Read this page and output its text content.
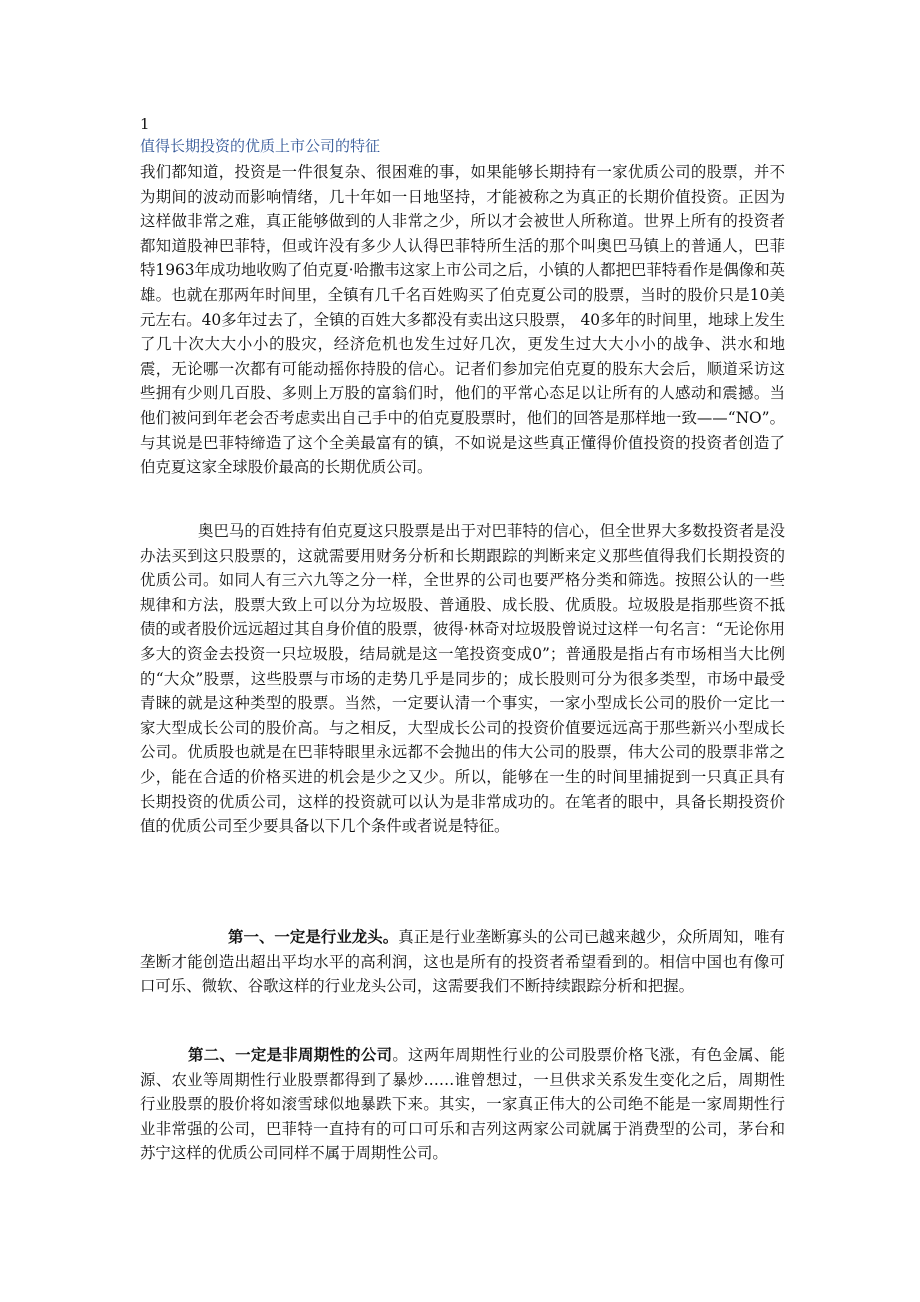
1
值得长期投资的优质上市公司的特征

我们都知道，投资是一件很复杂、很困难的事，如果能够长期持有一家优质公司的股票，并不为期间的波动而影响情绪，几十年如一日地坚持，才能被称之为真正的长期价值投资。正因为这样做非常之难，真正能够做到的人非常之少，所以才会被世人所称道。世界上所有的投资者都知道股神巴菲特，但或许没有多少人认得巴菲特所生活的那个叫奥巴马镇上的普通人，巴菲特1963年成功地收购了伯克夏·哈撒韦这家上市公司之后，小镇的人都把巴菲特看作是偶像和英雄。也就在那两年时间里，全镇有几千名百姓购买了伯克夏公司的股票，当时的股价只是10美元左右。40多年过去了，全镇的百姓大多都没有卖出这只股票， 40多年的时间里，地球上发生了几十次大大小小的股灾，经济危机也发生过好几次，更发生过大大小小的战争、洪水和地震，无论哪一次都有可能动摇你持股的信心。记者们参加完伯克夏的股东大会后，顺道采访这些拥有少则几百股、多则上万股的富翁们时，他们的平常心态足以让所有的人感动和震撼。当他们被问到年老会否考虑卖出自己手中的伯克夏股票时，他们的回答是那样地一致——“NO”。与其说是巴菲特缔造了这个全美最富有的镇，不如说是这些真正懂得价值投资的投资者创造了伯克夏这家全球股价最高的长期优质公司。

奥巴马的百姓持有伯克夏这只股票是出于对巴菲特的信心，但全世界大多数投资者是没办法买到这只股票的，这就需要用财务分析和长期跟踪的判断来定义那些值得我们长期投资的优质公司。如同人有三六九等之分一样，全世界的公司也要严格分类和筛选。按照公认的一些规律和方法，股票大致上可以分为垃圾股、普通股、成长股、优质股。垃圾股是指那些资不抵债的或者股价远远超过其自身价值的股票，彼得·林奇对垃圾股曾说过这样一句名言：“无论你用多大的资金去投资一只垃圾股，结局就是这一笔投资变成0”；普通股是指占有市场相当大比例的“大众”股票，这些股票与市场的走势几乎是同步的；成长股则可分为很多类型，市场中最受青睐的就是这种类型的股票。当然，一定要认清一个事实，一家小型成长公司的股价一定比一家大型成长公司的股价高。与之相反，大型成长公司的投资价值要远远高于那些新兴小型成长公司。优质股也就是在巴菲特眼里永远都不会抛出的伟大公司的股票，伟大公司的股票非常之少，能在合适的价格买进的机会是少之又少。所以，能够在一生的时间里捕捉到一只真正具有长期投资的优质公司，这样的投资就可以认为是非常成功的。在笔者的眼中，具备长期投资价值的优质公司至少要具备以下几个条件或者说是特征。

第一、一定是行业龙头。真正是行业垄断寡头的公司已越来越少，众所周知，唯有垄断才能创造出超出平均水平的高利润，这也是所有的投资者希望看到的。相信中国也有像可口可乐、微软、谷歌这样的行业龙头公司，这需要我们不断持续跟踪分析和把握。

第二、一定是非周期性的公司。这两年周期性行业的公司股票价格飞涨，有色金属、能源、农业等周期性行业股票都得到了暴炒……谁曾想过，一旦供求关系发生变化之后，周期性行业股票的股价将如滚雪球似地暴跌下来。其实，一家真正伟大的公司绝不能是一家周期性行业非常强的公司，巴菲特一直持有的可口可乐和吉列这两家公司就属于消费型的公司，茅台和苏宁这样的优质公司同样不属于周期性公司。
